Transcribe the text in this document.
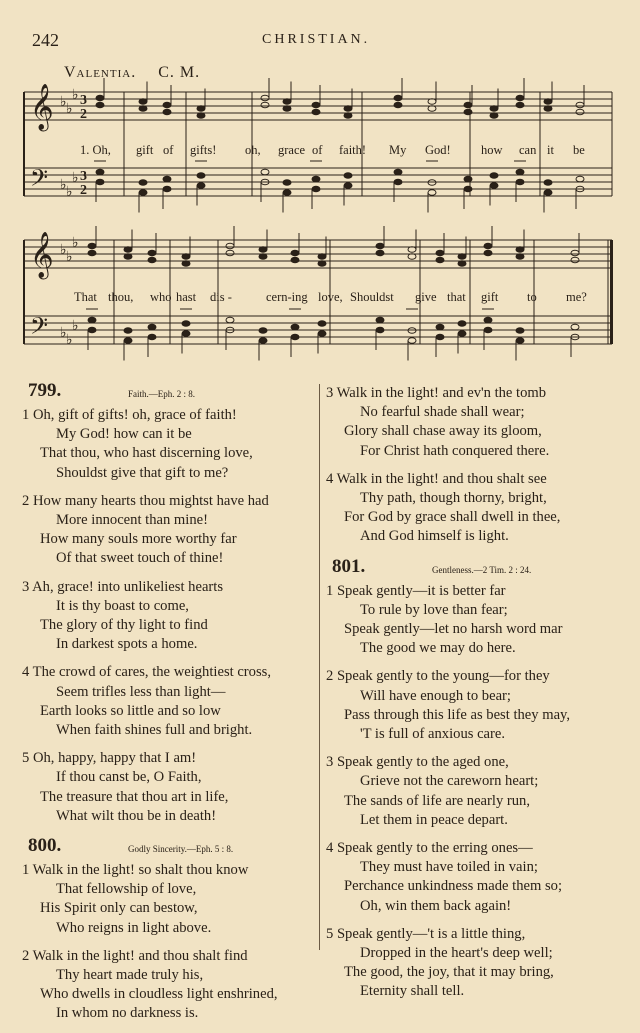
242	CHRISTIAN.
Valentia. C. M.
𝄞
𝄢
♭ ♭
♭
♭ ♭
♭
3
2
3
2
𝄞
𝄢
♭ ♭
♭
♭ ♭
♭
1. Oh, gift of gifts! oh, grace of faith! My God! how can it be
That thou, who hast dis -	cern-ing love, Shouldst give that gift to me?
799.	Faith.—Eph. 2 : 8.
1 Oh, gift of gifts! oh, grace of faith!
My God! how can it be
That thou, who hast discerning love,
Shouldst give that gift to me?
2 How many hearts thou mightst have had
More innocent than mine!
How many souls more worthy far
Of that sweet touch of thine!
3 Ah, grace! into unlikeliest hearts
It is thy boast to come,
The glory of thy light to find
In darkest spots a home.
4 The crowd of cares, the weightiest cross,
Seem trifles less than light—
Earth looks so little and so low
When faith shines full and bright.
5 Oh, happy, happy that I am!
If thou canst be, O Faith,
The treasure that thou art in life,
What wilt thou be in death!
800.	Godly Sincerity.—Eph. 5 : 8.
1 Walk in the light! so shalt thou know
That fellowship of love,
His Spirit only can bestow,
Who reigns in light above.
2 Walk in the light! and thou shalt find
Thy heart made truly his,
Who dwells in cloudless light enshrined,
In whom no darkness is.
3 Walk in the light! and ev'n the tomb
No fearful shade shall wear;
Glory shall chase away its gloom,
For Christ hath conquered there.
4 Walk in the light! and thou shalt see
Thy path, though thorny, bright,
For God by grace shall dwell in thee,
And God himself is light.
801.	Gentleness.—2 Tim. 2 : 24.
1 Speak gently—it is better far
To rule by love than fear;
Speak gently—let no harsh word mar
The good we may do here.
2 Speak gently to the young—for they
Will have enough to bear;
Pass through this life as best they may,
'T is full of anxious care.
3 Speak gently to the aged one,
Grieve not the careworn heart;
The sands of life are nearly run,
Let them in peace depart.
4 Speak gently to the erring ones—
They must have toiled in vain;
Perchance unkindness made them so;
Oh, win them back again!
5 Speak gently—'t is a little thing,
Dropped in the heart's deep well;
The good, the joy, that it may bring,
Eternity shall tell.
